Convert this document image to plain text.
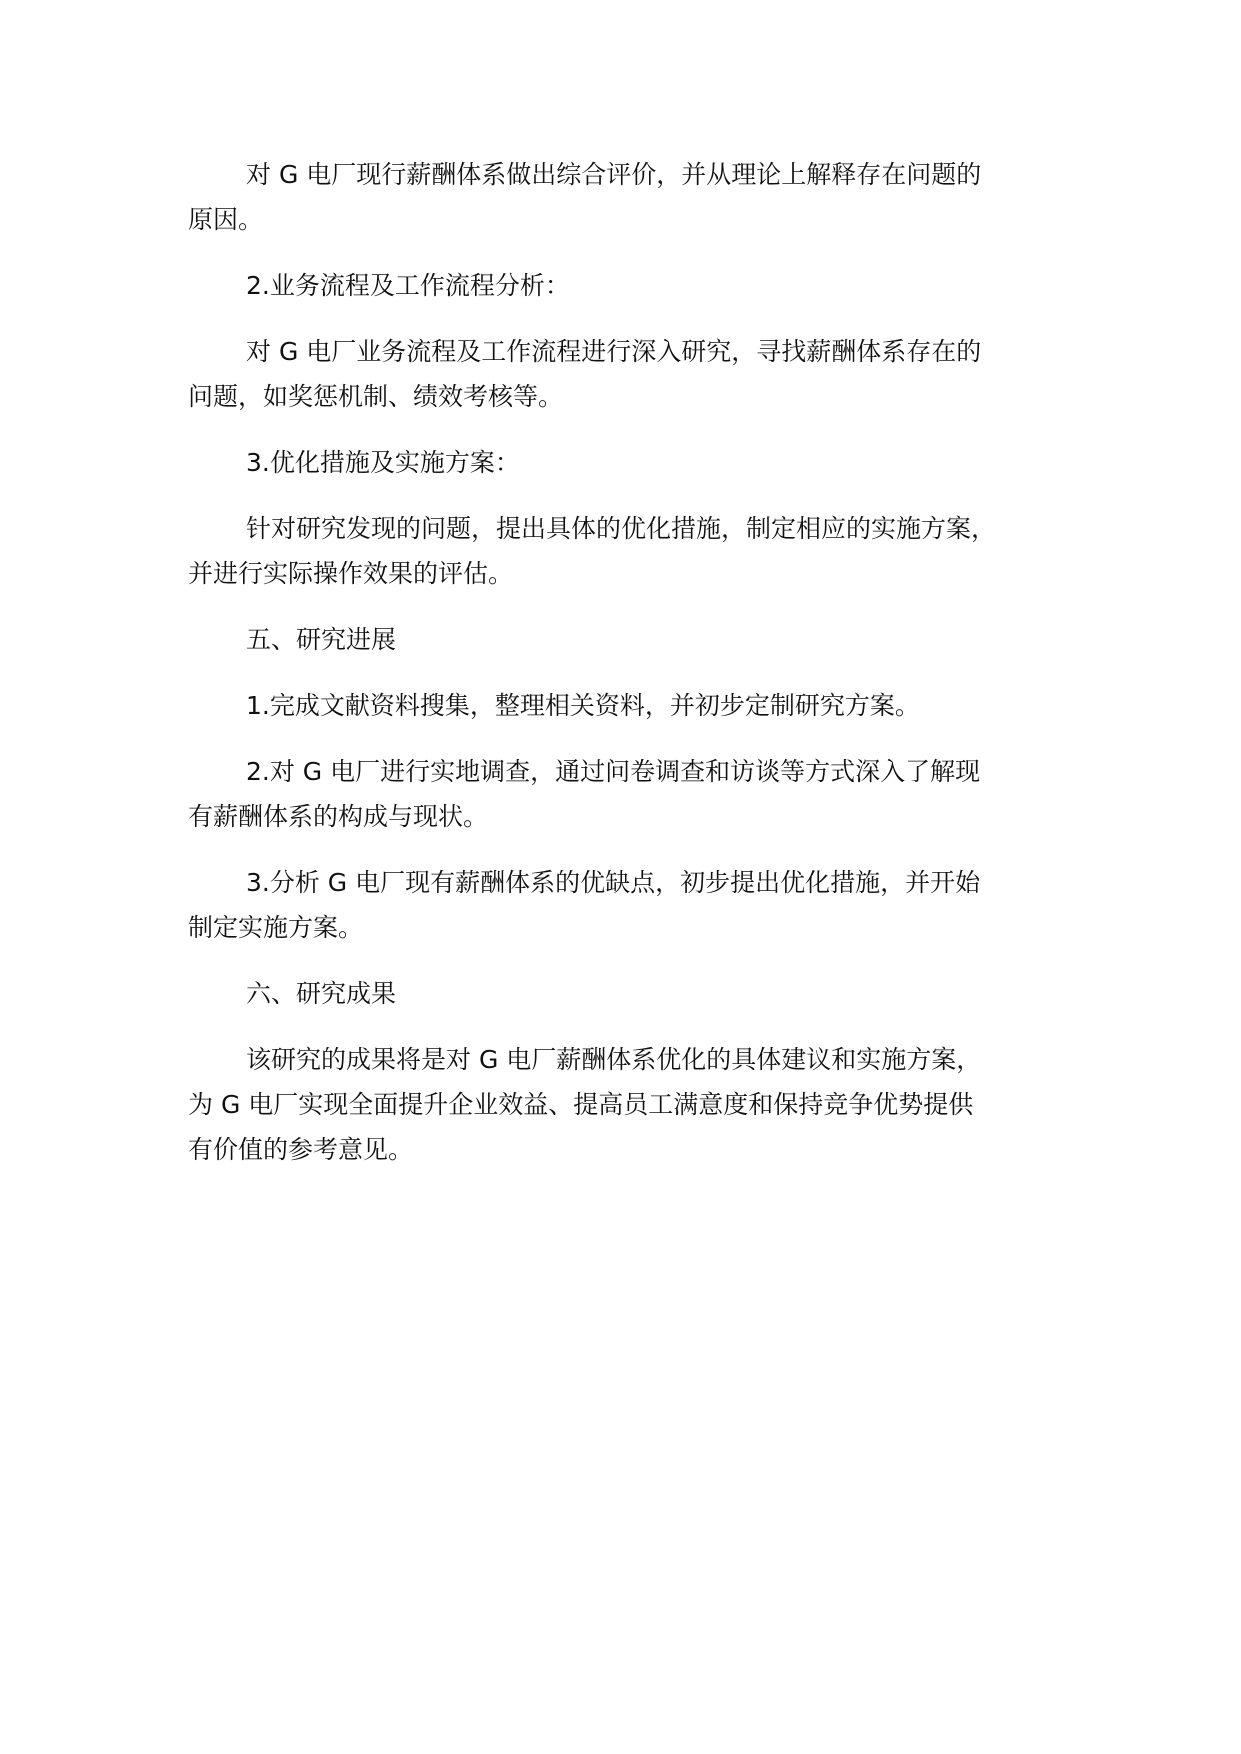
对 G 电厂现行薪酬体系做出综合评价，并从理论上解释存在问题的
原因。

2.业务流程及工作流程分析：

对 G 电厂业务流程及工作流程进行深入研究，寻找薪酬体系存在的
问题，如奖惩机制、绩效考核等。

3.优化措施及实施方案：

针对研究发现的问题，提出具体的优化措施，制定相应的实施方案，
并进行实际操作效果的评估。

五、研究进展

1.完成文献资料搜集，整理相关资料，并初步定制研究方案。

2.对 G 电厂进行实地调查，通过问卷调查和访谈等方式深入了解现
有薪酬体系的构成与现状。

3.分析 G 电厂现有薪酬体系的优缺点，初步提出优化措施，并开始
制定实施方案。

六、研究成果

该研究的成果将是对 G 电厂薪酬体系优化的具体建议和实施方案，
为 G 电厂实现全面提升企业效益、提高员工满意度和保持竞争优势提供
有价值的参考意见。
